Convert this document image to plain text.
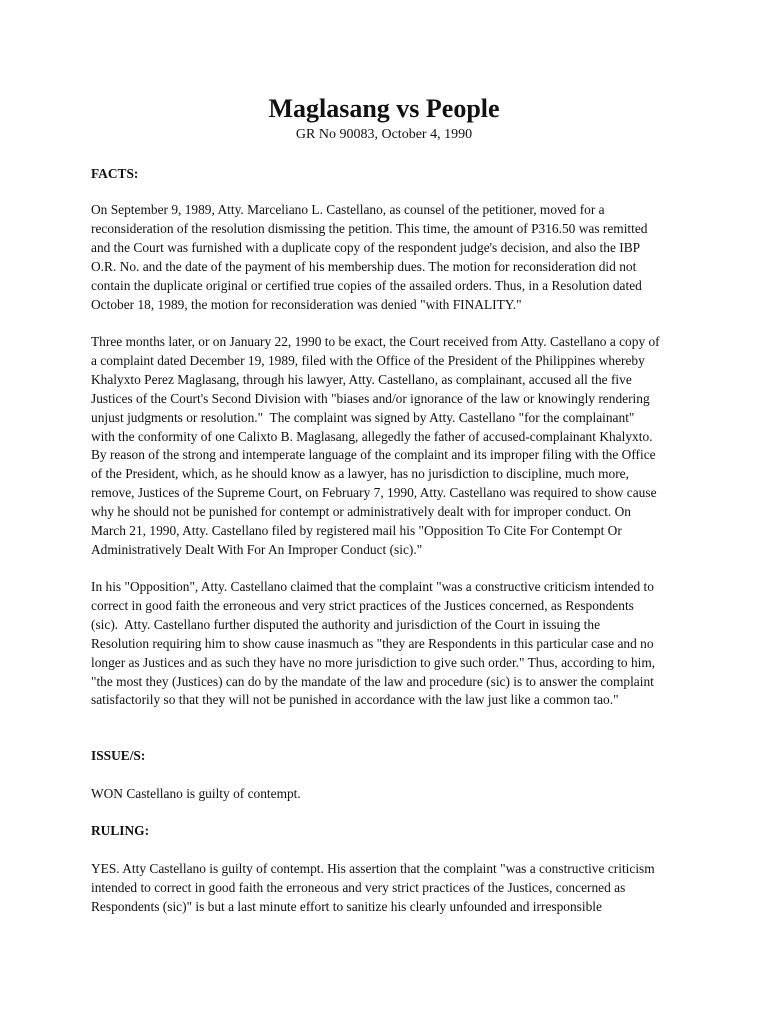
Maglasang vs People

GR No 90083, October 4, 1990

FACTS:

On September 9, 1989, Atty. Marceliano L. Castellano, as counsel of the petitioner, moved for a
reconsideration of the resolution dismissing the petition. This time, the amount of P316.50 was remitted
and the Court was furnished with a duplicate copy of the respondent judge's decision, and also the IBP
O.R. No. and the date of the payment of his membership dues. The motion for reconsideration did not
contain the duplicate original or certified true copies of the assailed orders. Thus, in a Resolution dated
October 18, 1989, the motion for reconsideration was denied "with FINALITY."
Three months later, or on January 22, 1990 to be exact, the Court received from Atty. Castellano a copy of
a complaint dated December 19, 1989, filed with the Office of the President of the Philippines whereby
Khalyxto Perez Maglasang, through his lawyer, Atty. Castellano, as complainant, accused all the five
Justices of the Court's Second Division with "biases and/or ignorance of the law or knowingly rendering
unjust judgments or resolution."  The complaint was signed by Atty. Castellano "for the complainant"
with the conformity of one Calixto B. Maglasang, allegedly the father of accused-complainant Khalyxto.
By reason of the strong and intemperate language of the complaint and its improper filing with the Office
of the President, which, as he should know as a lawyer, has no jurisdiction to discipline, much more,
remove, Justices of the Supreme Court, on February 7, 1990, Atty. Castellano was required to show cause
why he should not be punished for contempt or administratively dealt with for improper conduct. On
March 21, 1990, Atty. Castellano filed by registered mail his "Opposition To Cite For Contempt Or
Administratively Dealt With For An Improper Conduct (sic)."
In his "Opposition", Atty. Castellano claimed that the complaint "was a constructive criticism intended to
correct in good faith the erroneous and very strict practices of the Justices concerned, as Respondents
(sic).  Atty. Castellano further disputed the authority and jurisdiction of the Court in issuing the
Resolution requiring him to show cause inasmuch as "they are Respondents in this particular case and no
longer as Justices and as such they have no more jurisdiction to give such order." Thus, according to him,
"the most they (Justices) can do by the mandate of the law and procedure (sic) is to answer the complaint
satisfactorily so that they will not be punished in accordance with the law just like a common tao."

ISSUE/S:

WON Castellano is guilty of contempt.

RULING:

YES. Atty Castellano is guilty of contempt. His assertion that the complaint "was a constructive criticism
intended to correct in good faith the erroneous and very strict practices of the Justices, concerned as
Respondents (sic)" is but a last minute effort to sanitize his clearly unfounded and irresponsible
